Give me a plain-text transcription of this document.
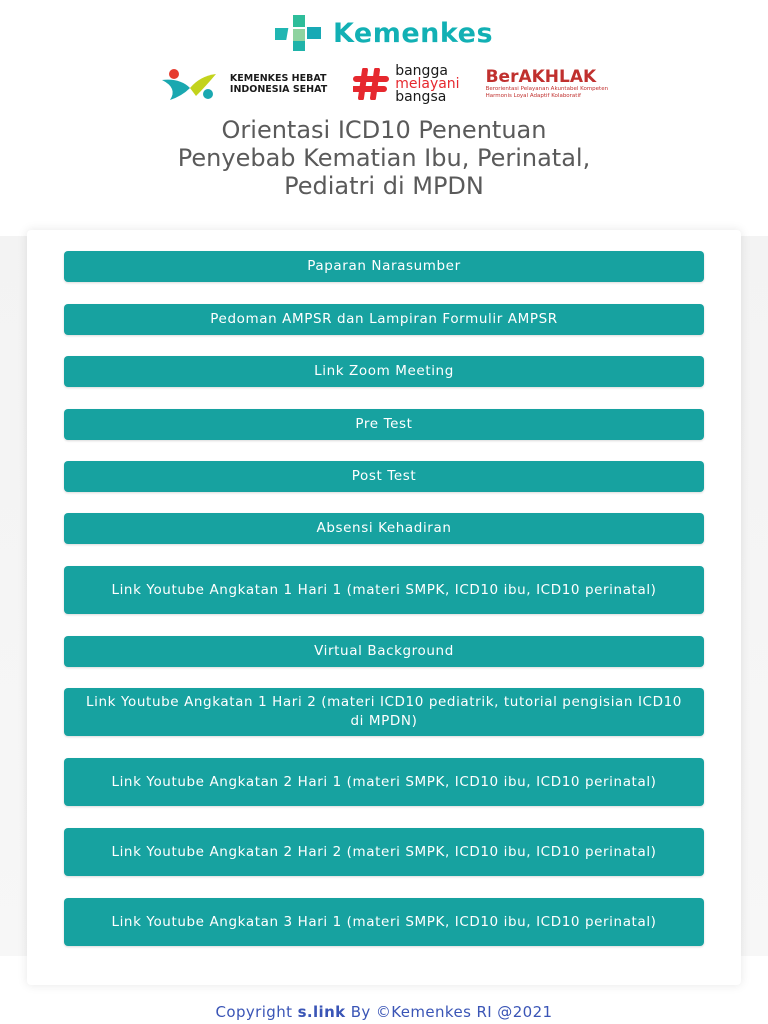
Kemenkes
KEMENKES HEBAT
INDONESIA SEHAT
bangga
melayani
bangsa
BerAKHLAK
Berorientasi Pelayanan Akuntabel Kompeten
Harmonis Loyal Adaptif Kolaboratif
Orientasi ICD10 Penentuan
Penyebab Kematian Ibu, Perinatal,
Pediatri di MPDN
Paparan Narasumber
Pedoman AMPSR dan Lampiran Formulir AMPSR
Link Zoom Meeting
Pre Test
Post Test
Absensi Kehadiran
Link Youtube Angkatan 1 Hari 1 (materi SMPK, ICD10 ibu, ICD10 perinatal)
Virtual Background
Link Youtube Angkatan 1 Hari 2 (materi ICD10 pediatrik, tutorial pengisian ICD10 di MPDN)
Link Youtube Angkatan 2 Hari 1 (materi SMPK, ICD10 ibu, ICD10 perinatal)
Link Youtube Angkatan 2 Hari 2 (materi SMPK, ICD10 ibu, ICD10 perinatal)
Link Youtube Angkatan 3 Hari 1 (materi SMPK, ICD10 ibu, ICD10 perinatal)
Copyright s.link By ©Kemenkes RI @2021
